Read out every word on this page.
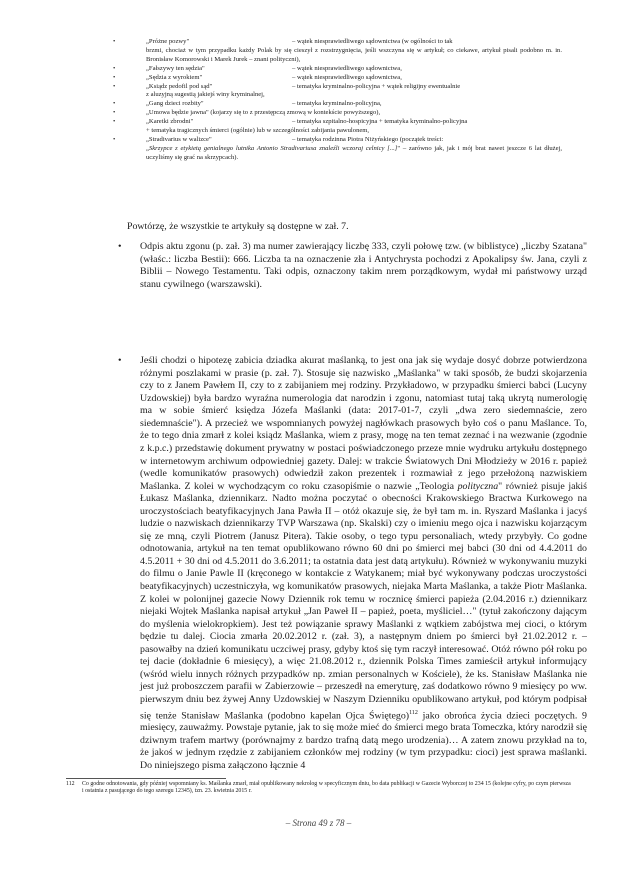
•	„Próżne pozwy"	– wątek niesprawiedliwego sądownictwa (w ogólności to tak
brzmi, chociaż w tym przypadku każdy Polak by się cieszył z rozstrzygnięcia, jeśli wszczyna się w artykuł; co ciekawe, artykuł pisali podobno m. in. Bronisław Komorowski i Marek Jurek – znani polityczni),
•	„Fałszywy ten sędzia"	– wątek niesprawiedliwego sądownictwa,
•	„Sędzia z wyrokiem"	– wątek niesprawiedliwego sądownictwa,
•	„Ksiądz pedofil pod sąd"	– tematyka kryminalno-policyjna + wątek religijny ewentualnie
z aluzyjną sugestią jakiejś winy kryminalnej,
•	„Gang dzieci rozbity"	– tematyka kryminalno-policyjna,
•	„Umowa będzie jawna" (kojarzy się to z przestępczą zmową w kontekście powyższego),
•	„Karetki zbrodni"	– tematyka szpitalno-hospicyjna + tematyka kryminalno-policyjna
+ tematyka tragicznych śmierci (ogólnie) lub w szczególności zabijania pawulonem,
•	„Stradivarius w walizce"	– tematyka rodzinna Piotra Niżyńskiego (początek treści:
„Skrzypce z etykietą genialnego lutnika Antonio Stradivariusa znaleźli wczoraj celnicy [...]" – zarówno jak, jak i mój brat nawet jeszcze 6 lat dłużej, uczyliśmy się grać na skrzypcach).
Powtórzę, że wszystkie te artykuły są dostępne w zał. 7.
• Odpis aktu zgonu (p. zał. 3) ma numer zawierający liczbę 333, czyli połowę tzw. (w biblistyce) „liczby Szatana" (właśc.: liczba Bestii): 666. Liczba ta na oznaczenie zła i Antychrysta pochodzi z Apokalipsy św. Jana, czyli z Biblii – Nowego Testamentu. Taki odpis, oznaczony takim nrem porządkowym, wydał mi państwowy urząd stanu cywilnego (warszawski).
• Jeśli chodzi o hipotezę zabicia dziadka akurat maślanką, to jest ona jak się wydaje dosyć dobrze potwierdzona różnymi poszlakami w prasie (p. zał. 7). Stosuje się nazwisko „Maślanka" w taki sposób, że budzi skojarzenia czy to z Janem Pawłem II, czy to z zabijaniem mej rodziny. Przykładowo, w przypadku śmierci babci (Lucyny Uzdowskiej) była bardzo wyraźna numerologia dat narodzin i zgonu, natomiast tutaj taką ukrytą numerologię ma w sobie śmierć księdza Józefa Maślanki (data: 2017-01-7, czyli „dwa zero siedemnaście, zero siedemnaście"). A przecież we wspomnianych powyżej nagłówkach prasowych było coś o panu Maślance. To, że to tego dnia zmarł z kolei ksiądz Maślanka, wiem z prasy, mogę na ten temat zeznać i na wezwanie (zgodnie z k.p.c.) przedstawię dokument prywatny w postaci poświadczonego przeze mnie wydruku artykułu dostępnego w internetowym archiwum odpowiedniej gazety. Dalej: w trakcie Światowych Dni Młodzieży w 2016 r. papież (wedle komunikatów prasowych) odwiedził zakon prezentek i rozmawiał z jego przełożoną nazwiskiem Maślanka. Z kolei w wychodzącym co roku czasopiśmie o nazwie „Teologia polityczna" również pisuje jakiś Łukasz Maślanka, dziennikarz. Nadto można poczytać o obecności Krakowskiego Bractwa Kurkowego na uroczystościach beatyfikacyjnych Jana Pawła II – otóż okazuje się, że był tam m. in. Ryszard Maślanka i jacyś ludzie o nazwiskach dziennikarzy TVP Warszawa (np. Skalski) czy o imieniu mego ojca i nazwisku kojarzącym się ze mną, czyli Piotrem (Janusz Pitera). Takie osoby, o tego typu personaliach, wtedy przybyły. Co godne odnotowania, artykuł na ten temat opublikowano równo 60 dni po śmierci mej babci (30 dni od 4.4.2011 do 4.5.2011 + 30 dni od 4.5.2011 do 3.6.2011; ta ostatnia data jest datą artykułu). Również w wykonywaniu muzyki do filmu o Janie Pawle II (kręconego w kontakcie z Watykanem; miał być wykonywany podczas uroczystości beatyfikacyjnych) uczestniczyła, wg komunikatów prasowych, niejaka Marta Maślanka, a także Piotr Maślanka. Z kolei w polonijnej gazecie Nowy Dziennik rok temu w rocznicę śmierci papieża (2.04.2016 r.) dziennikarz niejaki Wojtek Maślanka napisał artykuł „Jan Paweł II – papież, poeta, myśliciel…" (tytuł zakończony dającym do myślenia wielokropkiem). Jest też powiązanie sprawy Maślanki z wątkiem zabójstwa mej cioci, o którym będzie tu dalej. Ciocia zmarła 20.02.2012 r. (zał. 3), a następnym dniem po śmierci był 21.02.2012 r. – pasowałby na dzień komunikatu uczciwej prasy, gdyby ktoś się tym raczył interesować. Otóż równo pół roku po tej dacie (dokładnie 6 miesięcy), a więc 21.08.2012 r., dziennik Polska Times zamieścił artykuł informujący (wśród wielu innych różnych przypadków np. zmian personalnych w Kościele), że ks. Stanisław Maślanka nie jest już proboszczem parafii w Zabierzowie – przeszedł na emeryturę, zaś dodatkowo równo 9 miesięcy po ww. pierwszym dniu bez żywej Anny Uzdowskiej w Naszym Dzienniku opublikowano artykuł, pod którym podpisał się tenże Stanisław Maślanka (podobno kapelan Ojca Świętego)$^{112}$ jako obrońca życia dzieci poczętych. 9 miesięcy, zauważmy. Powstaje pytanie, jak to się może mieć do śmierci mego brata Tomeczka, który narodził się dziwnym trafem martwy (porównajmy z bardzo trafną datą mego urodzenia)… A zatem znowu przykład na to, że jakoś w jednym rzędzie z zabijaniem członków mej rodziny (w tym przypadku: cioci) jest sprawa maślanki. Do niniejszego pisma załączono łącznie 4
112	Co godne odnotowania, gdy później wspomniany ks. Maślanka zmarł, miał opublikowany nekrolog w specyficznym dniu, bo data publikacji w Gazecie Wyborczej to 234 15 (kolejne cyfry, po czym pierwsza i ostatnia z pasującego do tego szeregu 12345), tzn. 23. kwietnia 2015 r.
– Strona 49 z 78 –
